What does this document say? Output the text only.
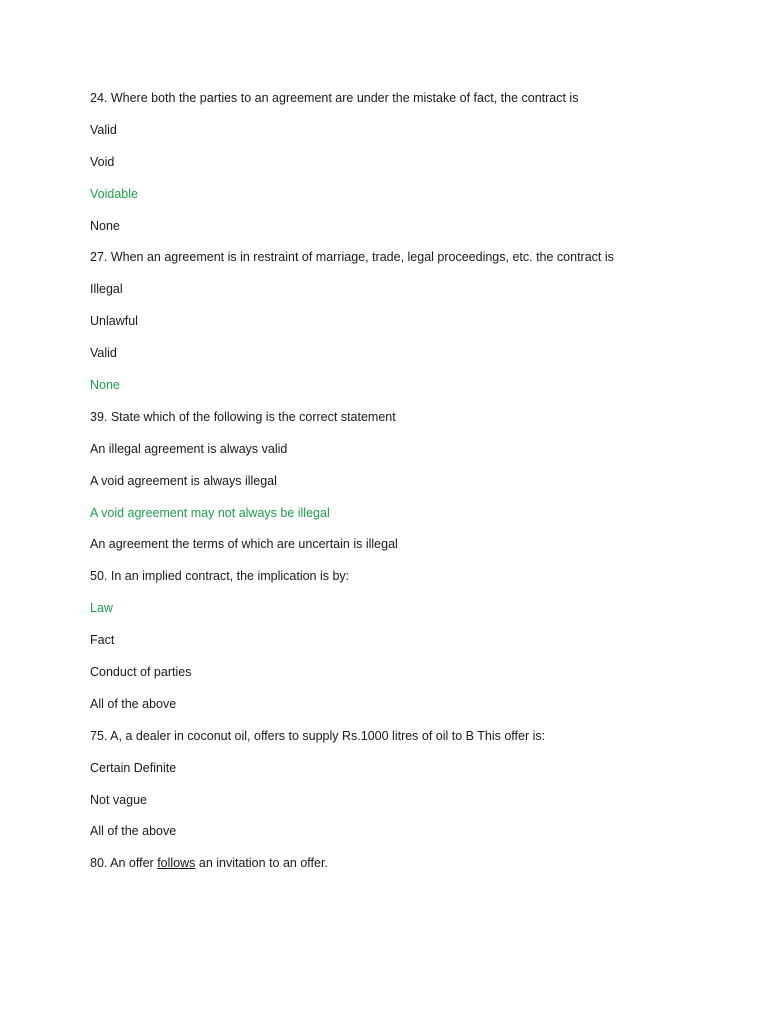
24. Where both the parties to an agreement are under the mistake of fact, the contract is
Valid
Void
Voidable
None
27. When an agreement is in restraint of marriage, trade, legal proceedings, etc. the contract is
Illegal
Unlawful
Valid
None
39. State which of the following is the correct statement
An illegal agreement is always valid
A void agreement is always illegal
A void agreement may not always be illegal
An agreement the terms of which are uncertain is illegal
50. In an implied contract, the implication is by:
Law
Fact
Conduct of parties
All of the above
75. A, a dealer in coconut oil, offers to supply Rs.1000 litres of oil to B This offer is:
Certain Definite
Not vague
All of the above
80. An offer follows an invitation to an offer.
